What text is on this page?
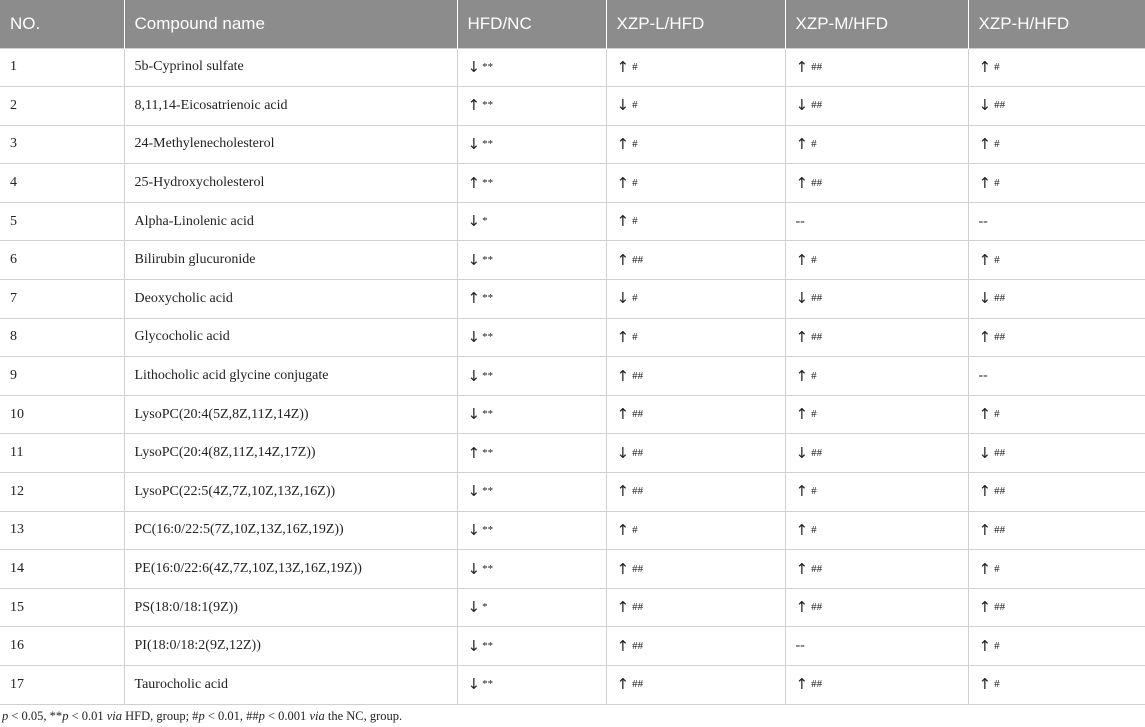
NO.	Compound name	HFD/NC	XZP-L/HFD	XZP-M/HFD	XZP-H/HFD
1	5b-Cyprinol sulfate	↓ **	↑ #	↑ ##	↑ #
2	8,11,14-Eicosatrienoic acid	↑ **	↓ #	↓ ##	↓ ##
3	24-Methylenecholesterol	↓ **	↑ #	↑ #	↑ #
4	25-Hydroxycholesterol	↑ **	↑ #	↑ ##	↑ #
5	Alpha-Linolenic acid	↓ *	↑ #	--	--
6	Bilirubin glucuronide	↓ **	↑ ##	↑ #	↑ #
7	Deoxycholic acid	↑ **	↓ #	↓ ##	↓ ##
8	Glycocholic acid	↓ **	↑ #	↑ ##	↑ ##
9	Lithocholic acid glycine conjugate	↓ **	↑ ##	↑ #	--
10	LysoPC(20:4(5Z,8Z,11Z,14Z))	↓ **	↑ ##	↑ #	↑ #
11	LysoPC(20:4(8Z,11Z,14Z,17Z))	↑ **	↓ ##	↓ ##	↓ ##
12	LysoPC(22:5(4Z,7Z,10Z,13Z,16Z))	↓ **	↑ ##	↑ #	↑ ##
13	PC(16:0/22:5(7Z,10Z,13Z,16Z,19Z))	↓ **	↑ #	↑ #	↑ ##
14	PE(16:0/22:6(4Z,7Z,10Z,13Z,16Z,19Z))	↓ **	↑ ##	↑ ##	↑ #
15	PS(18:0/18:1(9Z))	↓ *	↑ ##	↑ ##	↑ ##
16	PI(18:0/18:2(9Z,12Z))	↓ **	↑ ##	--	↑ #
17	Taurocholic acid	↓ **	↑ ##	↑ ##	↑ #
p < 0.05, **p < 0.01 via HFD, group; #p < 0.01, ##p < 0.001 via the NC, group.
